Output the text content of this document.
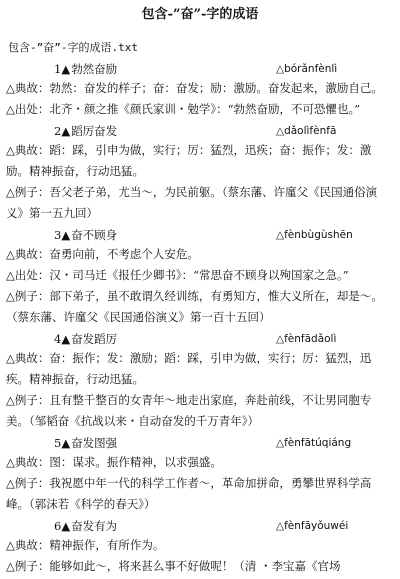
包含-”奋”-字的成语
包含-”奋”-字的成语.txt
1▲勃然奋励	△bórǎnfènlì
△典故：勃然：奋发的样子；奋：奋发；励：激励。奋发起来，激励自己。
△出处：北齐・颜之推《颜氏家训・勉学》：“勃然奋励，不可恐懼也。”
2▲蹈厉奋发	△dǎolìfènfā
△典故：蹈：踩，引申为做，实行；厉：猛烈，迅疾；奋：振作；发：激励。精神振奋，行动迅猛。
△例子：吾父老子弟，尤当～，为民前躯。（蔡东藩、许廑父《民国通俗演义》第一五九回）
3▲奋不顾身	△fènbùgùshēn
△典故：奋勇向前，不考虑个人安危。
△出处：汉・司马迁《报任少卿书》：“常思奋不顾身以殉国家之急。”
△例子：部下弟子，虽不敢谓久经训练，有勇知方，惟大义所在，却是～。（蔡东藩、许廑父《民国通俗演义》第一百十五回）
4▲奋发蹈厉	△fènfādǎolì
△典故：奋：振作；发：激励；蹈：踩，引申为做，实行；厉：猛烈，迅疾。精神振奋，行动迅猛。
△例子：且有整千整百的女青年～地走出家庭，奔赴前线，不让男同胞专美。（邹韬奋《抗战以来・自动奋发的千万青年》）
5▲奋发图强	△fènfātúqiáng
△典故：图：谋求。振作精神，以求强盛。
△例子：我祝愿中年一代的科学工作者～，革命加拼命，勇攀世界科学高峰。（郭沫若《科学的春天》）
6▲奋发有为	△fènfāyǒuwéi
△典故：精神振作，有所作为。
△例子：能够如此～，将来甚么事不好做呢！（清 ・李宝嘉《官场
